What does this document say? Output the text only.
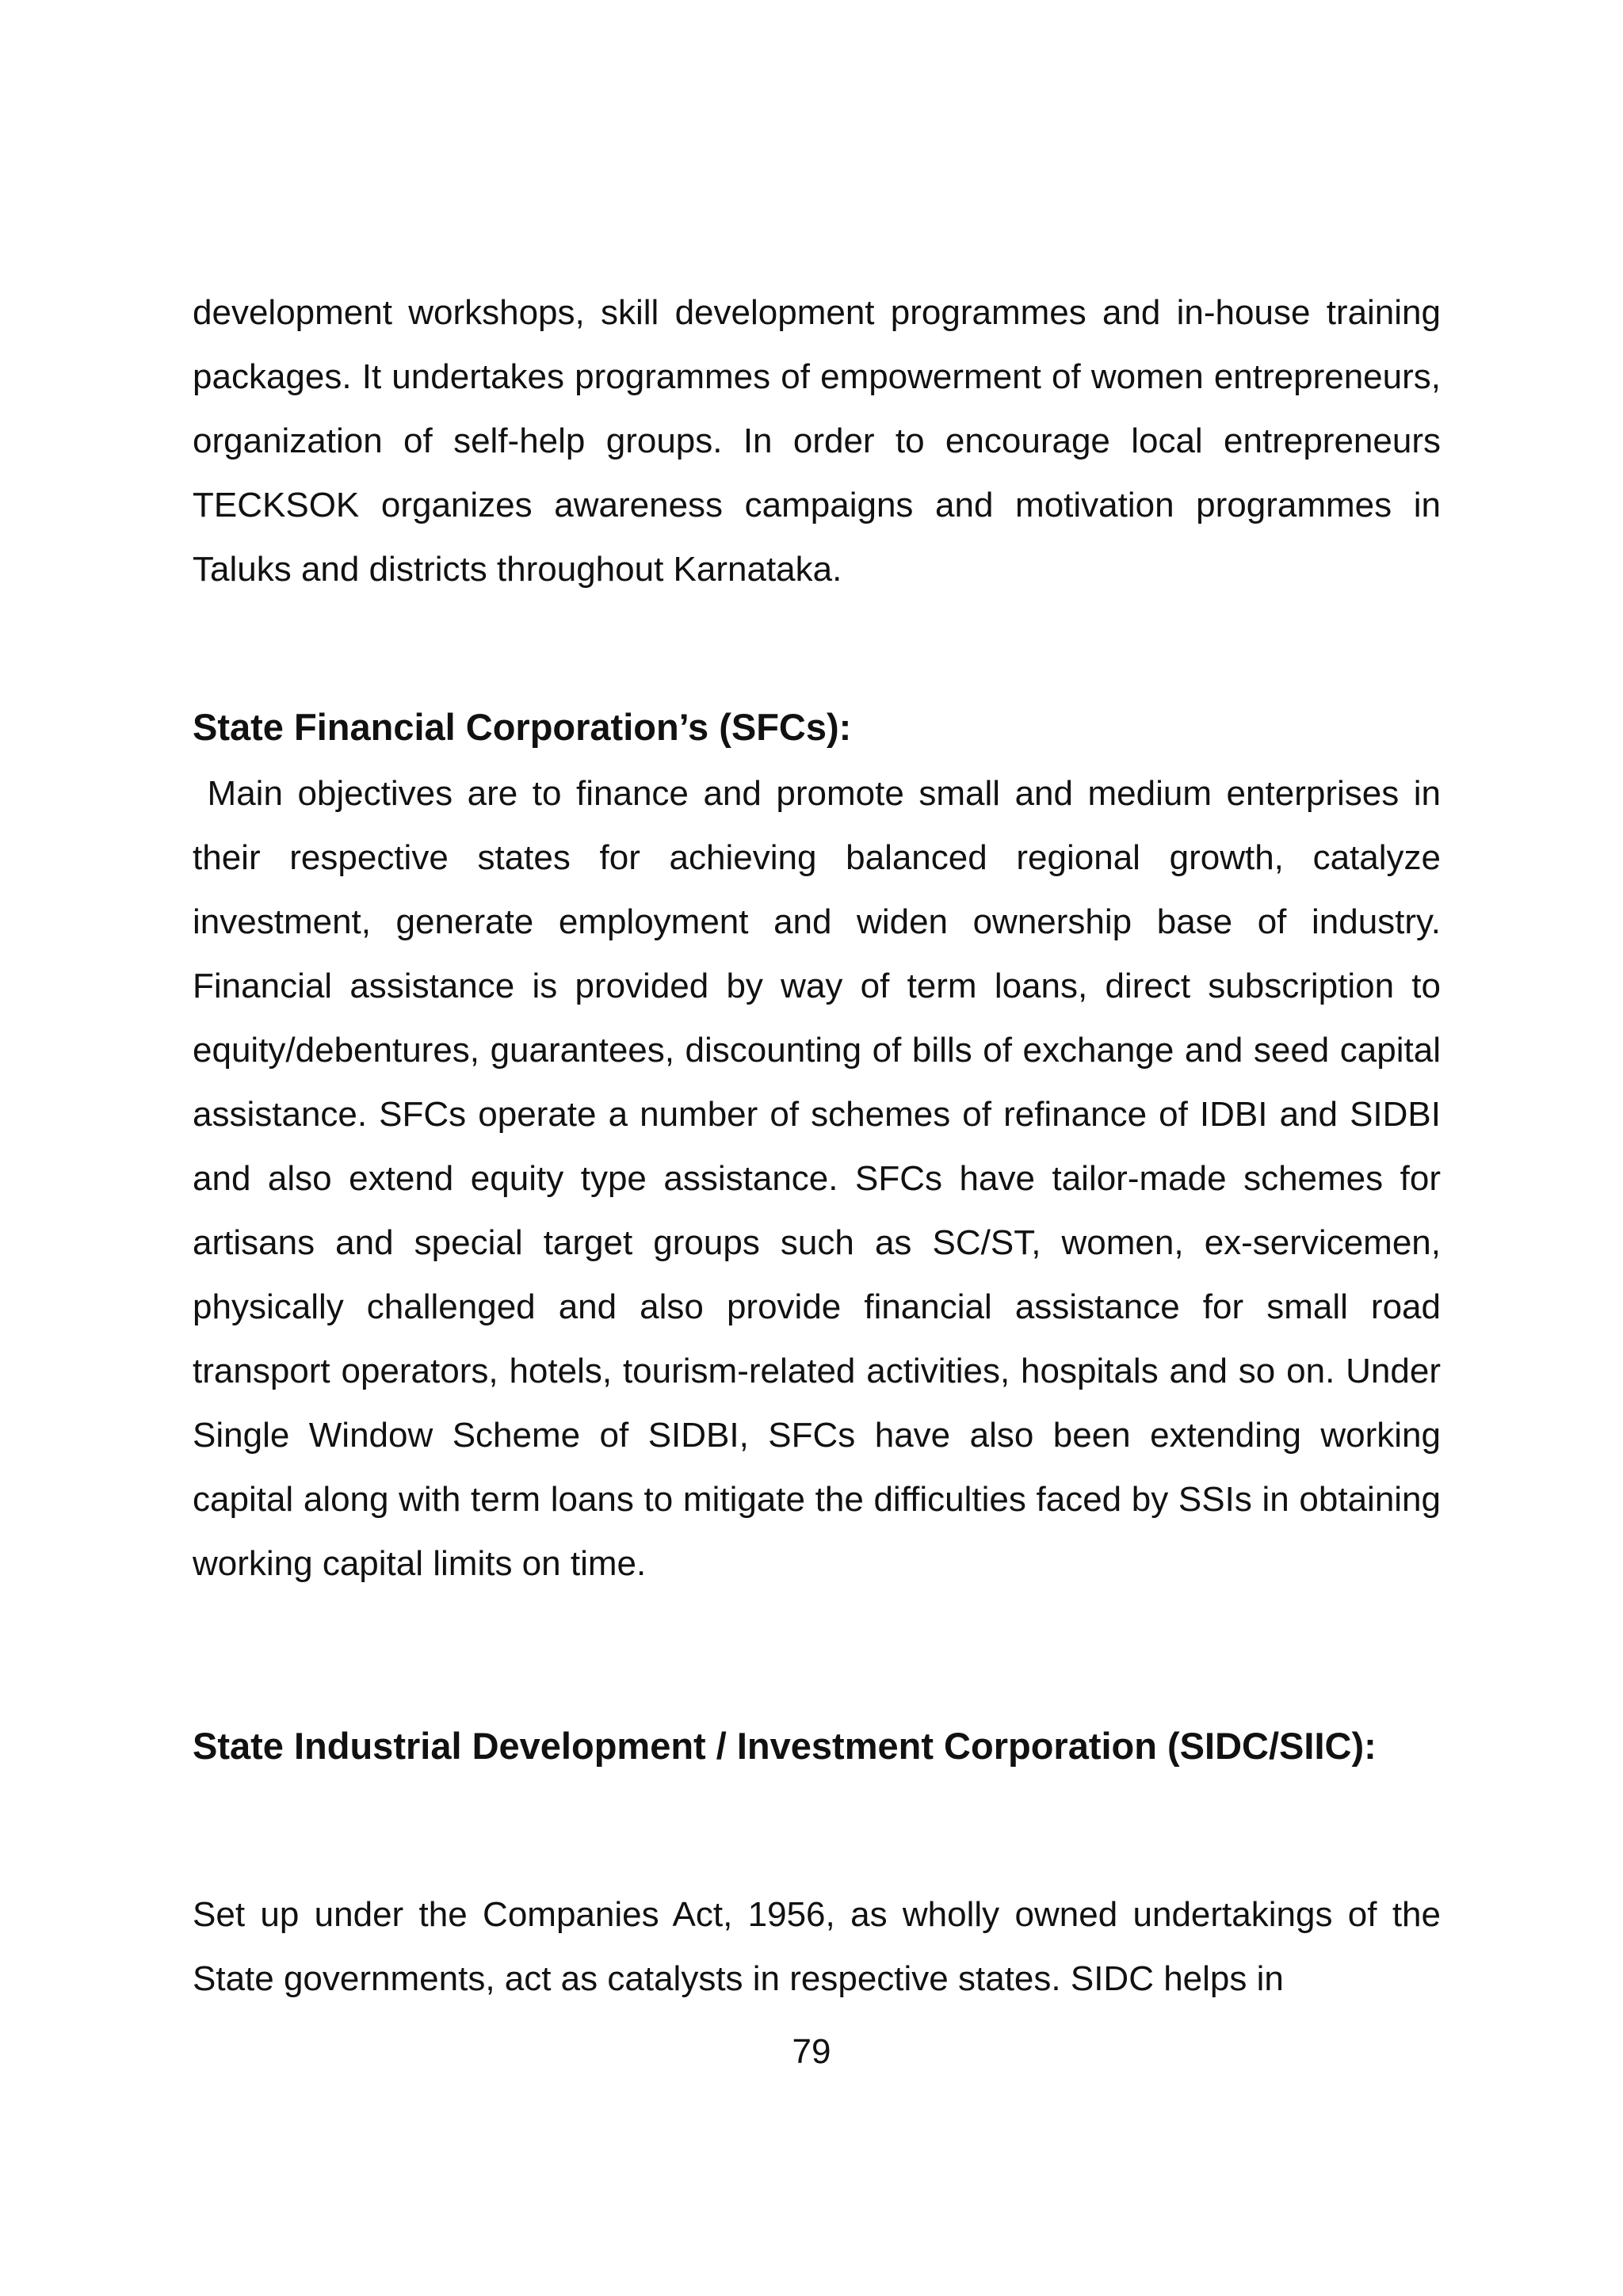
development workshops, skill development programmes and in-house training packages. It undertakes programmes of empowerment of women entrepreneurs, organization of self-help groups. In order to encourage local entrepreneurs TECKSOK organizes awareness campaigns and motivation programmes in Taluks and districts throughout Karnataka.

State Financial Corporation’s (SFCs):

Main objectives are to finance and promote small and medium enterprises in their respective states for achieving balanced regional growth, catalyze investment, generate employment and widen ownership base of industry. Financial assistance is provided by way of term loans, direct subscription to equity/debentures, guarantees, discounting of bills of exchange and seed capital assistance. SFCs operate a number of schemes of refinance of IDBI and SIDBI and also extend equity type assistance. SFCs have tailor-made schemes for artisans and special target groups such as SC/ST, women, ex-servicemen, physically challenged and also provide financial assistance for small road transport operators, hotels, tourism-related activities, hospitals and so on. Under Single Window Scheme of SIDBI, SFCs have also been extending working capital along with term loans to mitigate the difficulties faced by SSIs in obtaining working capital limits on time.

State Industrial Development / Investment Corporation (SIDC/SIIC):

Set up under the Companies Act, 1956, as wholly owned undertakings of the State governments, act as catalysts in respective states. SIDC helps in

79
